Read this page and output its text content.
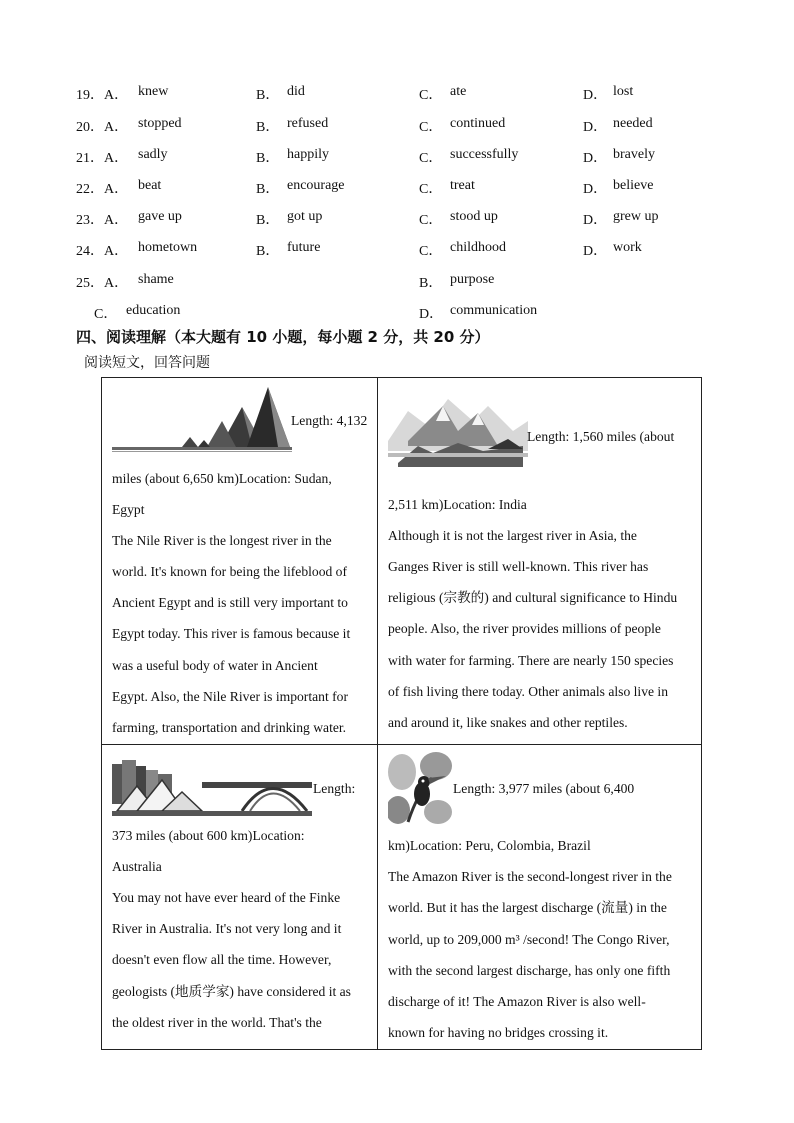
19． A． knew	B． did	C． ate	D． lost
20． A． stopped	B． refused	C． continued	D． needed
21． A． sadly	B． happily	C． successfully	D． bravely
22． A． beat	B． encourage	C． treat	D． believe
23． A． gave up	B． got up	C． stood up	D． grew up
24． A． hometown	B． future	C． childhood	D． work
25． A． shame	B． purpose
C． education	D． communication
四、阅读理解（本大题有 10 小题，每小题 2 分，共 20 分）
阅读短文，回答问题
Length: 4,132
miles (about 6,650 km)Location: Sudan,
Egypt
The Nile River is the longest river in the
world. It's known for being the lifeblood of
Ancient Egypt and is still very important to
Egypt today. This river is famous because it
was a useful body of water in Ancient
Egypt. Also, the Nile River is important for
farming, transportation and drinking water.
Length: 1,560 miles (about
2,511 km)Location: India
Although it is not the largest river in Asia, the
Ganges River is still well-known. This river has
religious (宗教的) and cultural significance to Hindu
people. Also, the river provides millions of people
with water for farming. There are nearly 150 species
of fish living there today. Other animals also live in
and around it, like snakes and other reptiles.
Length:
373 miles (about 600 km)Location:
Australia
You may not have ever heard of the Finke
River in Australia. It's not very long and it
doesn't even flow all the time. However,
geologists (地质学家) have considered it as
the oldest river in the world. That's the
Length: 3,977 miles (about 6,400
km)Location: Peru, Colombia, Brazil
The Amazon River is the second-longest river in the
world. But it has the largest discharge (流量) in the
world, up to 209,000 m³ /second! The Congo River,
with the second largest discharge, has only one fifth
discharge of it! The Amazon River is also well-
known for having no bridges crossing it.
